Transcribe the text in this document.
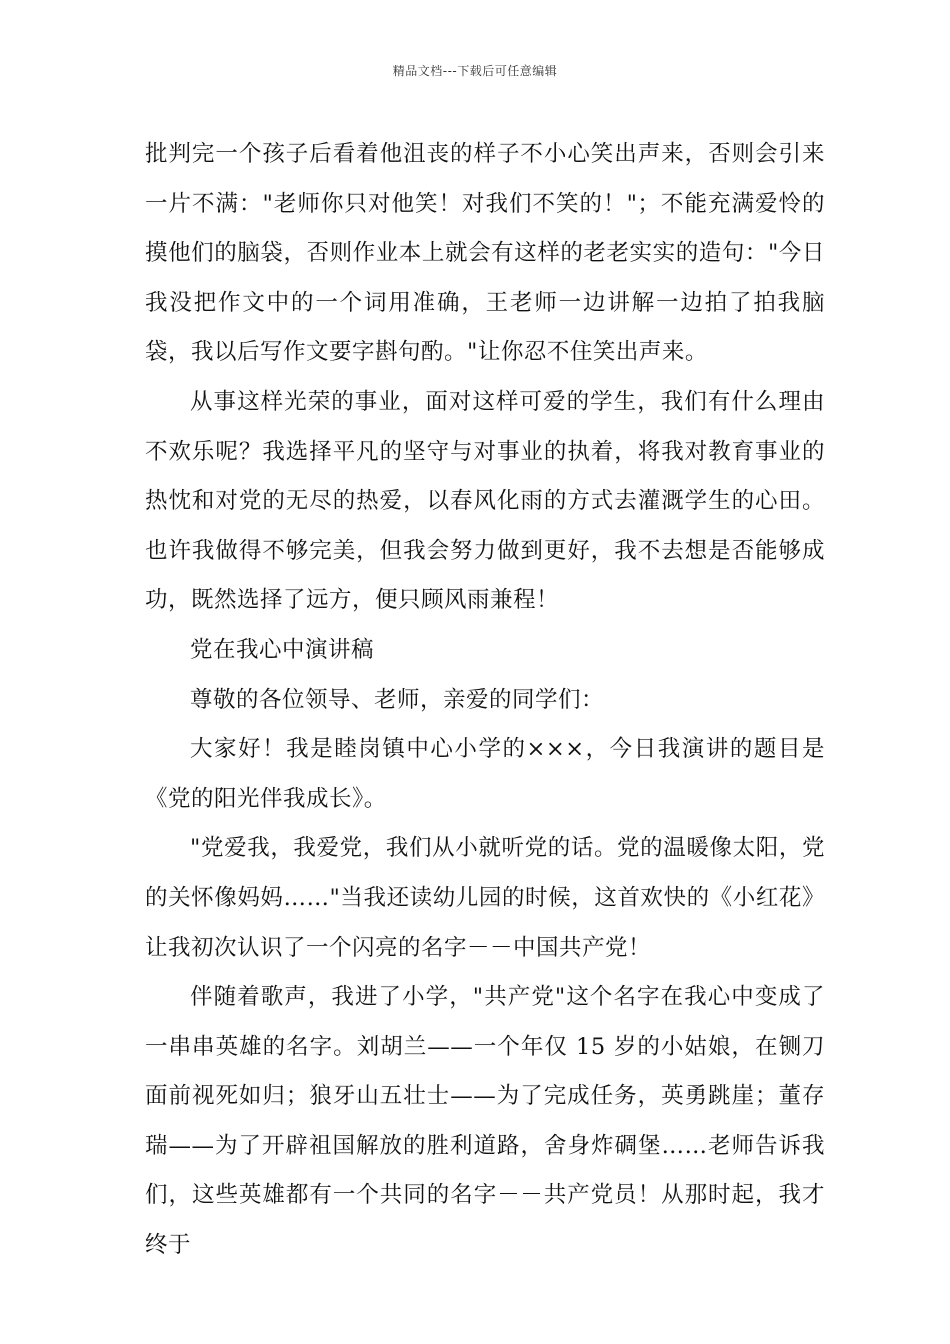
精品文档---下载后可任意编辑

批判完一个孩子后看着他沮丧的样子不小心笑出声来，否则会引来一片不满："老师你只对他笑！对我们不笑的！"；不能充满爱怜的摸他们的脑袋，否则作业本上就会有这样的老老实实的造句："今日我没把作文中的一个词用准确，王老师一边讲解一边拍了拍我脑袋，我以后写作文要字斟句酌。"让你忍不住笑出声来。

从事这样光荣的事业，面对这样可爱的学生，我们有什么理由不欢乐呢？我选择平凡的坚守与对事业的执着，将我对教育事业的热忱和对党的无尽的热爱，以春风化雨的方式去灌溉学生的心田。也许我做得不够完美，但我会努力做到更好，我不去想是否能够成功，既然选择了远方，便只顾风雨兼程！

党在我心中演讲稿

尊敬的各位领导、老师，亲爱的同学们：

大家好！我是睦岗镇中心小学的×××，今日我演讲的题目是《党的阳光伴我成长》。

"党爱我，我爱党，我们从小就听党的话。党的温暖像太阳，党的关怀像妈妈……"当我还读幼儿园的时候，这首欢快的《小红花》让我初次认识了一个闪亮的名字－－中国共产党！

伴随着歌声，我进了小学，"共产党"这个名字在我心中变成了一串串英雄的名字。刘胡兰——一个年仅 15 岁的小姑娘，在铡刀面前视死如归；狼牙山五壮士——为了完成任务，英勇跳崖；董存瑞——为了开辟祖国解放的胜利道路，舍身炸碉堡……老师告诉我们，这些英雄都有一个共同的名字－－共产党员！从那时起，我才终于
